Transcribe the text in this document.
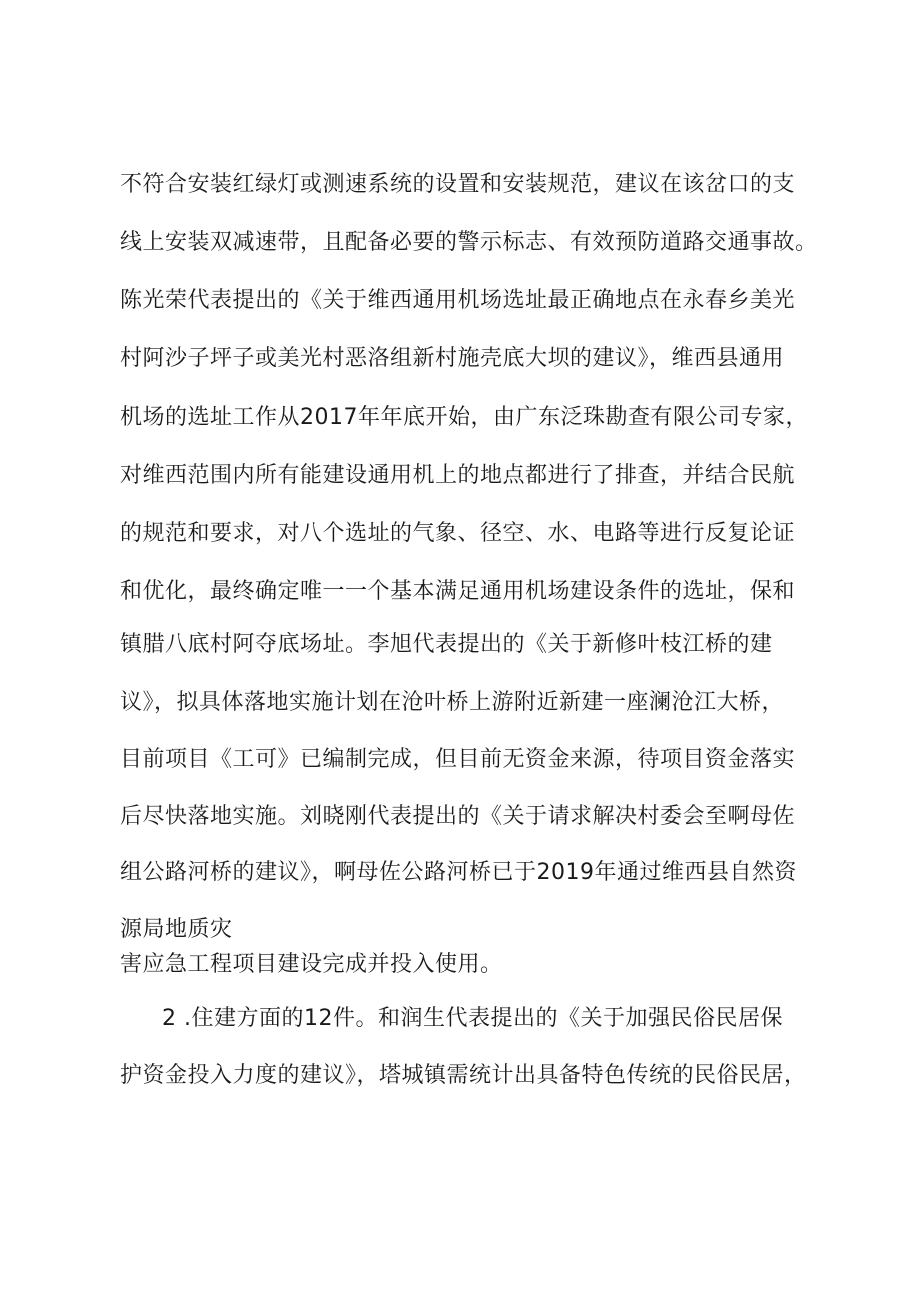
不符合安装红绿灯或测速系统的设置和安装规范，建议在该岔口的支
线上安装双减速带，且配备必要的警示标志、有效预防道路交通事故。
陈光荣代表提出的《关于维西通用机场选址最正确地点在永春乡美光
村阿沙子坪子或美光村恶洛组新村施壳底大坝的建议》，维西县通用
机场的选址工作从2017年年底开始，由广东泛珠勘查有限公司专家，
对维西范围内所有能建设通用机上的地点都进行了排查，并结合民航
的规范和要求，对八个选址的气象、径空、水、电路等进行反复论证
和优化，最终确定唯一一个基本满足通用机场建设条件的选址，保和
镇腊八底村阿夺底场址。李旭代表提出的《关于新修叶枝江桥的建
议》，拟具体落地实施计划在沧叶桥上游附近新建一座澜沧江大桥，
目前项目《工可》已编制完成，但目前无资金来源，待项目资金落实
后尽快落地实施。刘晓刚代表提出的《关于请求解决村委会至啊母佐
组公路河桥的建议》，啊母佐公路河桥已于2019年通过维西县自然资
源局地质灾
害应急工程项目建设完成并投入使用。
2 .住建方面的12件。和润生代表提出的《关于加强民俗民居保
护资金投入力度的建议》，塔城镇需统计出具备特色传统的民俗民居，
